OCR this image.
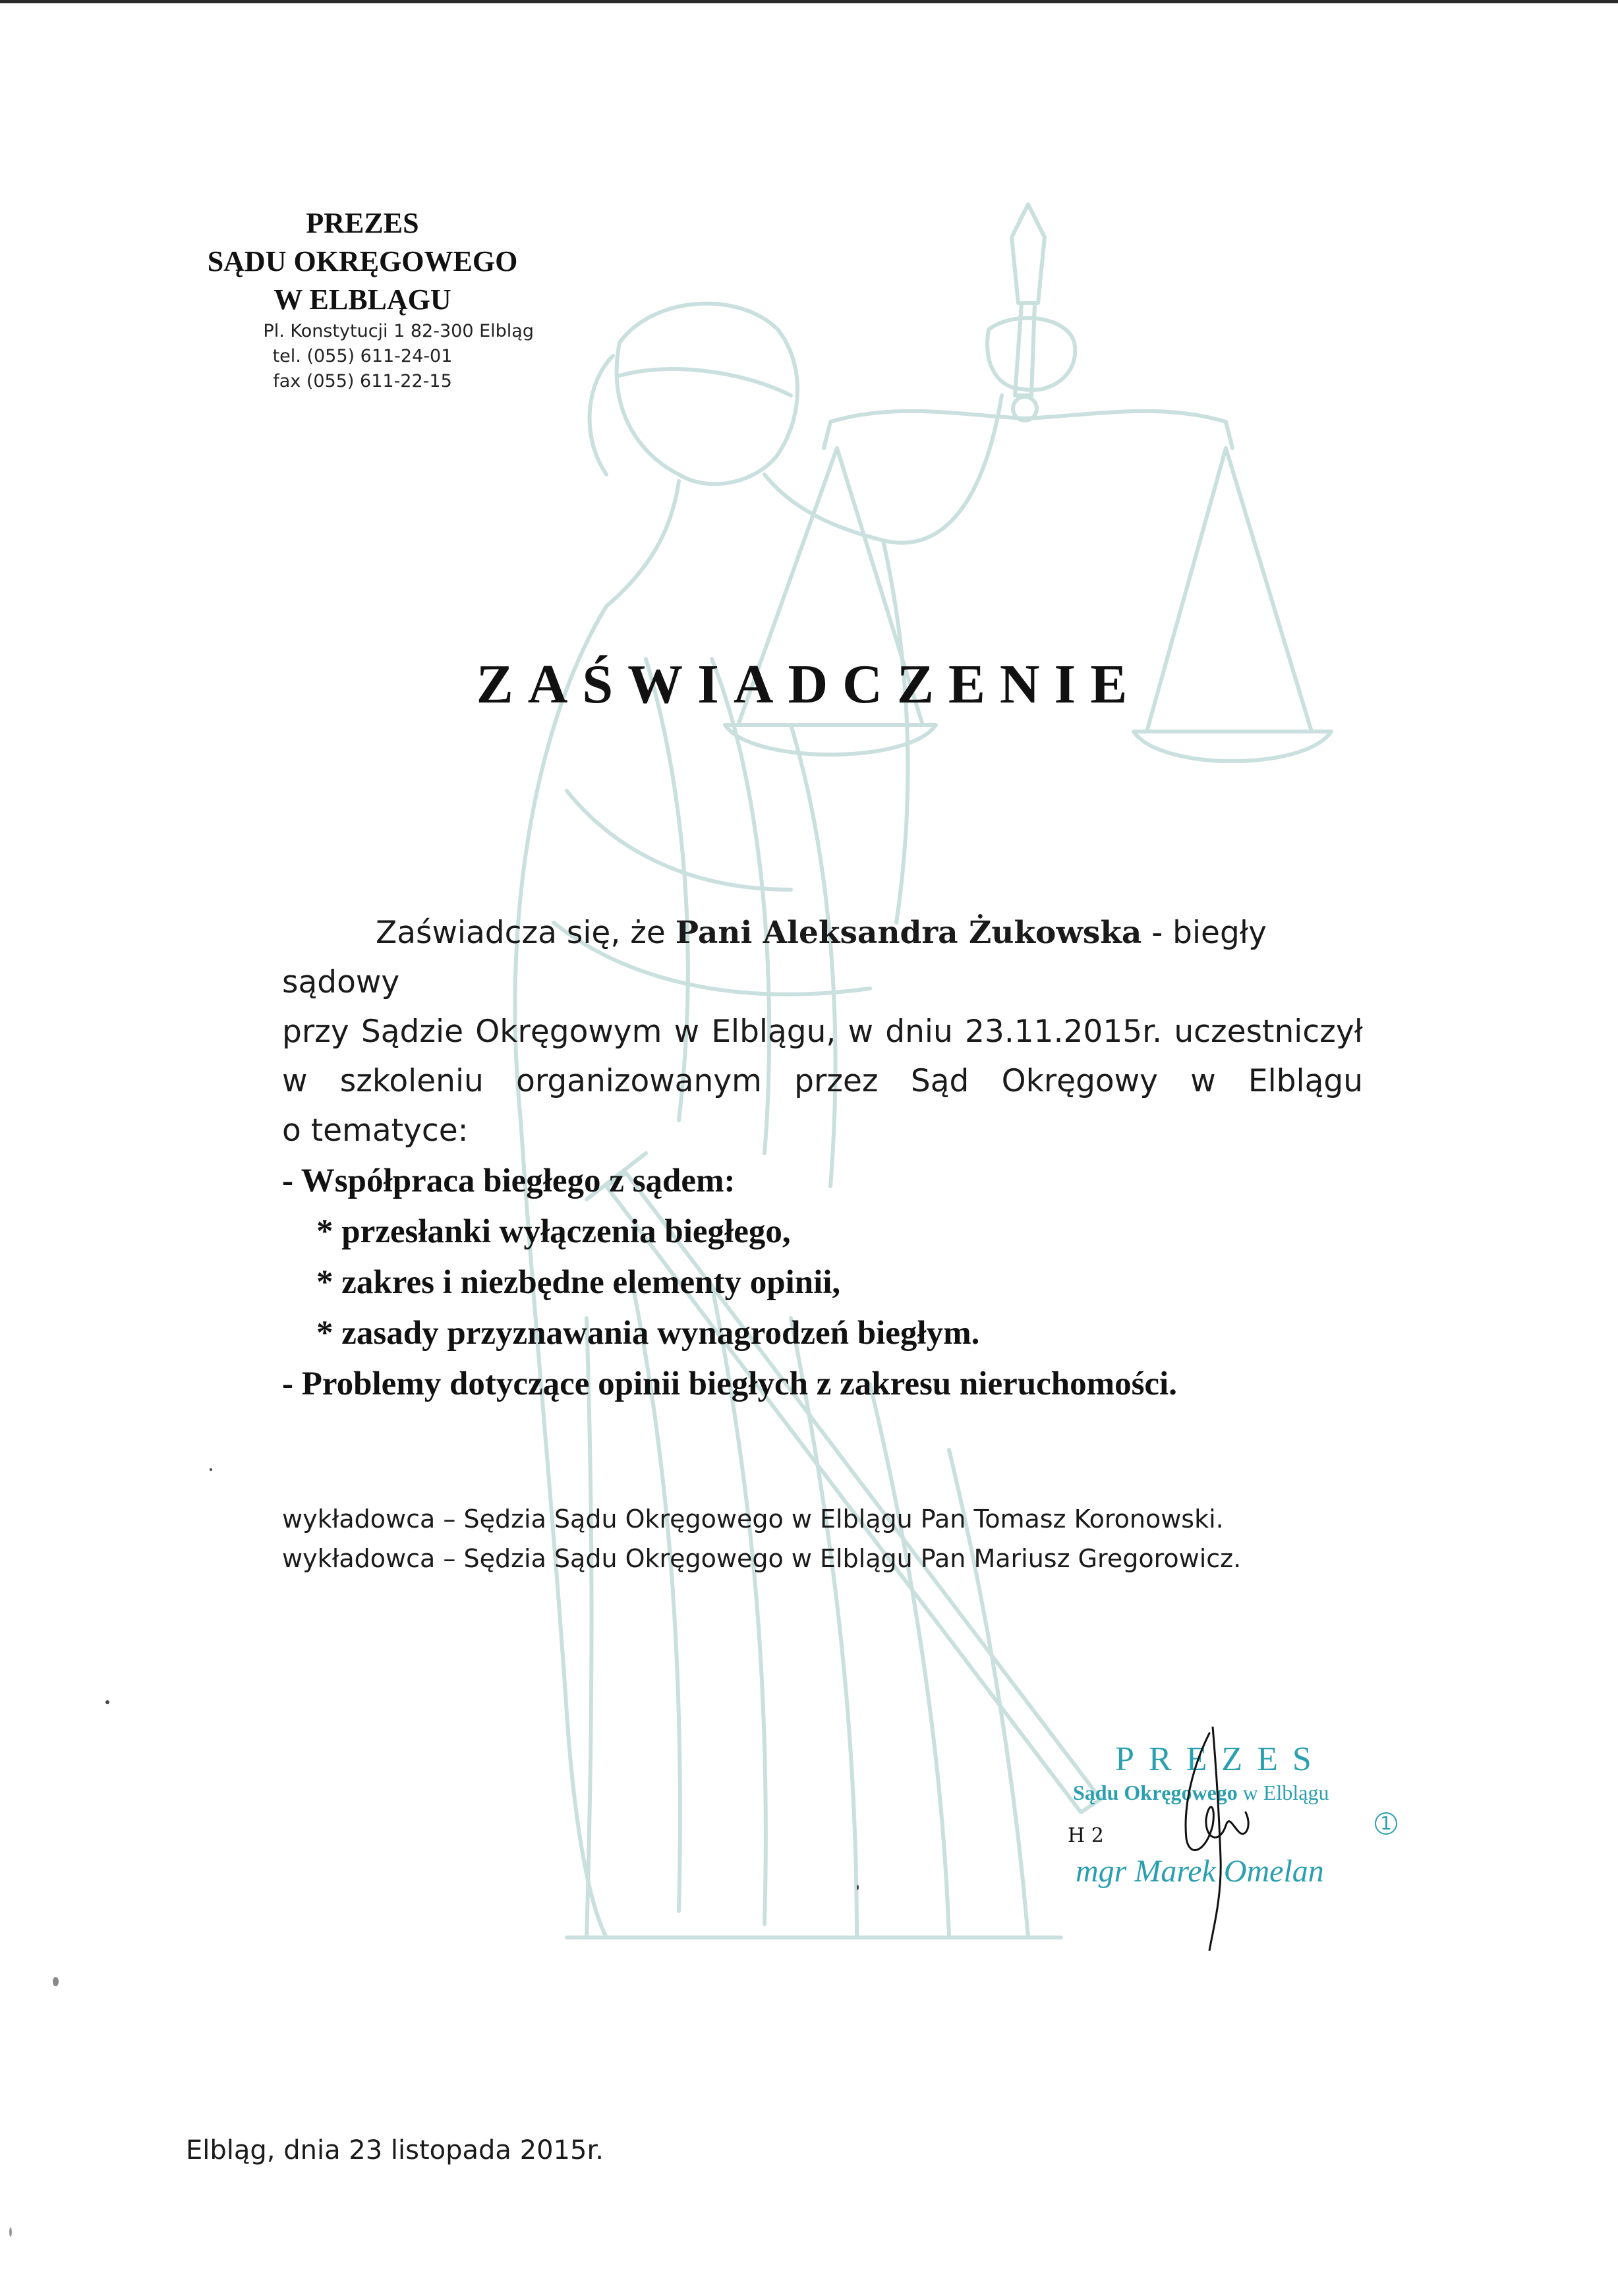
PREZES
SĄDU OKRĘGOWEGO
W ELBLĄGU
Pl. Konstytucji 1 82-300 Elbląg
tel. (055) 611-24-01
fax (055) 611-22-15
ZAŚWIADCZENIE
Zaświadcza się, że Pani Aleksandra Żukowska - biegły sądowy
przy Sądzie Okręgowym w Elblągu, w dniu 23.11.2015r. uczestniczył
w szkoleniu organizowanym przez Sąd Okręgowy w Elblągu
o tematyce:
- Współpraca biegłego z sądem:
* przesłanki wyłączenia biegłego,
* zakres i niezbędne elementy opinii,
* zasady przyznawania wynagrodzeń biegłym.
- Problemy dotyczące opinii biegłych z zakresu nieruchomości.
wykładowca – Sędzia Sądu Okręgowego w Elblągu Pan Tomasz Koronowski.
wykładowca – Sędzia Sądu Okręgowego w Elblągu Pan Mariusz Gregorowicz.
PREZES
Sądu Okręgowego w Elblągu
1
H 2
mgr Marek Omelan
Elbląg, dnia 23 listopada 2015r.
